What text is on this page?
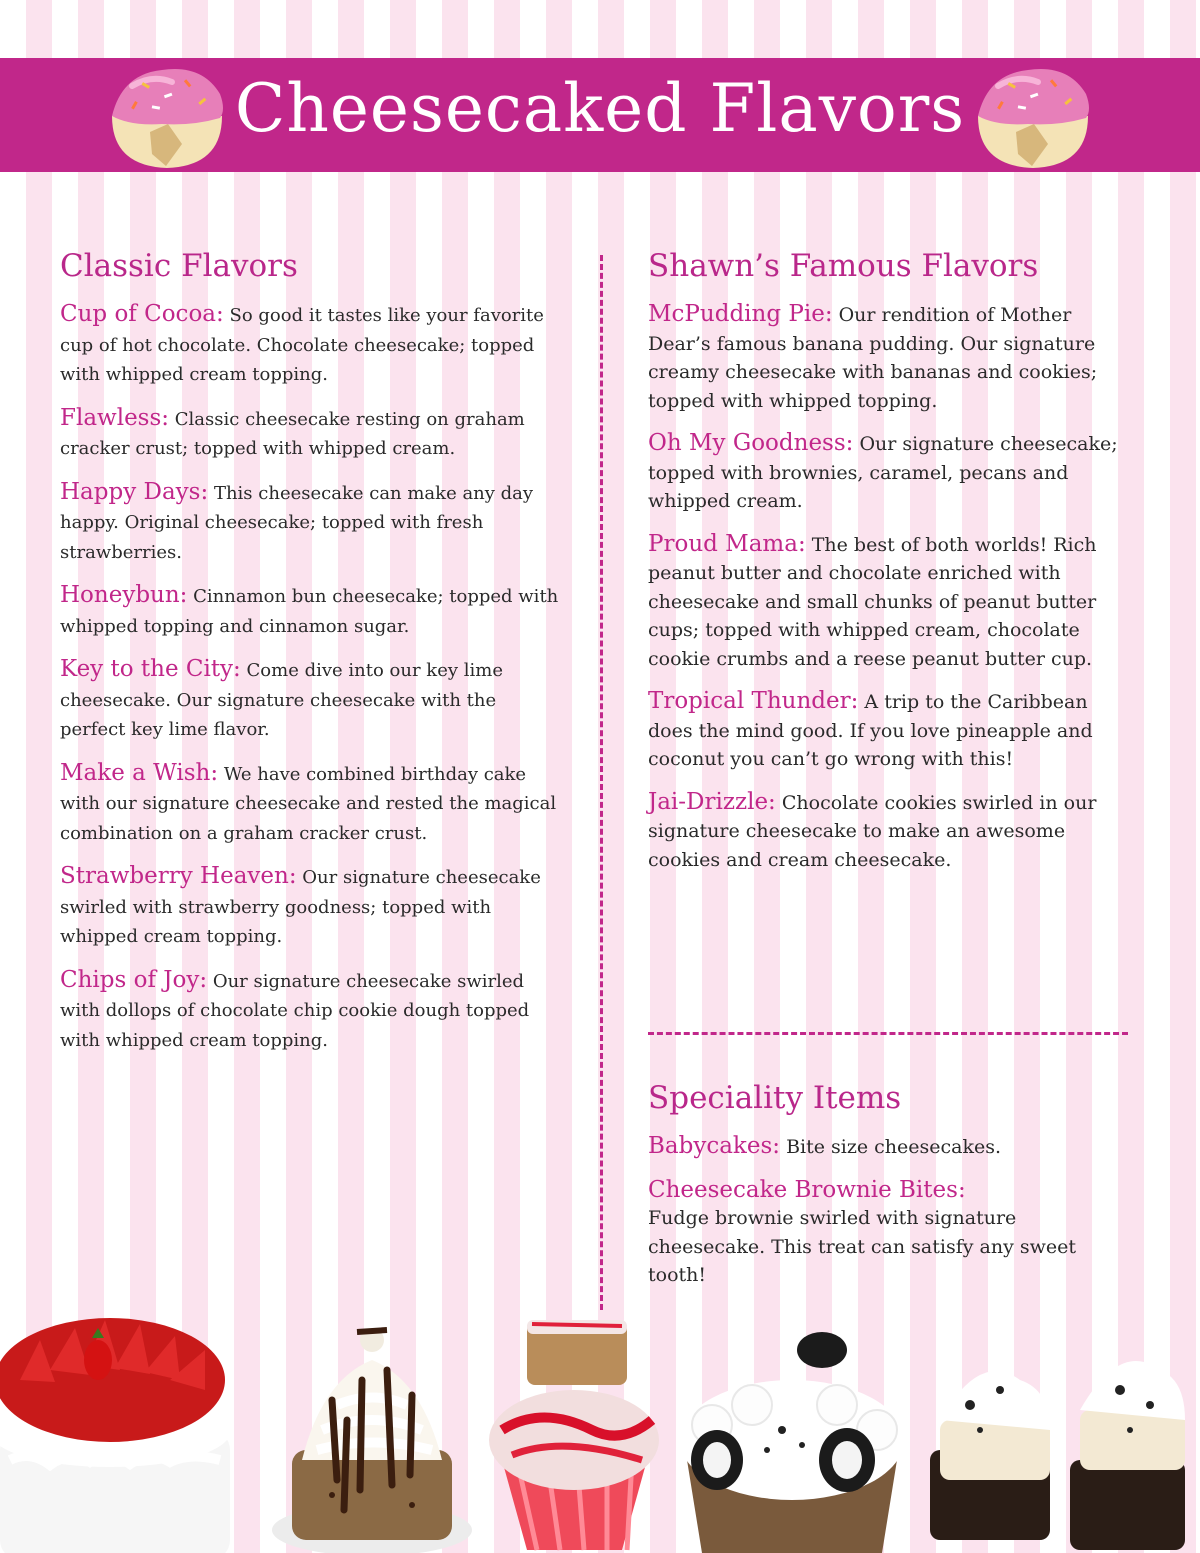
Cheesecaked Flavors
Classic Flavors

Cup of Cocoa: So good it tastes like your favorite cup of hot chocolate. Chocolate cheesecake; topped with whipped cream topping.

Flawless: Classic cheesecake resting on graham cracker crust; topped with whipped cream.

Happy Days: This cheesecake can make any day happy. Original cheesecake; topped with fresh strawberries.

Honeybun: Cinnamon bun cheesecake; topped with whipped topping and cinnamon sugar.

Key to the City: Come dive into our key lime cheesecake. Our signature cheesecake with the perfect key lime flavor.

Make a Wish: We have combined birthday cake with our signature cheesecake and rested the magical combination on a graham cracker crust.

Strawberry Heaven: Our signature cheesecake swirled with strawberry goodness; topped with whipped cream topping.

Chips of Joy: Our signature cheesecake swirled with dollops of chocolate chip cookie dough topped with whipped cream topping.

Shawn’s Famous Flavors

McPudding Pie: Our rendition of Mother Dear’s famous banana pudding. Our signature creamy cheesecake with bananas and cookies; topped with whipped topping.

Oh My Goodness: Our signature cheesecake; topped with brownies, caramel, pecans and whipped cream.

Proud Mama: The best of both worlds! Rich peanut butter and chocolate enriched with cheesecake and small chunks of peanut butter cups; topped with whipped cream, chocolate cookie crumbs and a reese peanut butter cup.

Tropical Thunder: A trip to the Caribbean does the mind good. If you love pineapple and coconut you can’t go wrong with this!

Jai-Drizzle: Chocolate cookies swirled in our signature cheesecake to make an awesome cookies and cream cheesecake.

Speciality Items

Babycakes: Bite size cheesecakes.

Cheesecake Brownie Bites:
Fudge brownie swirled with signature cheesecake. This treat can satisfy any sweet tooth!
